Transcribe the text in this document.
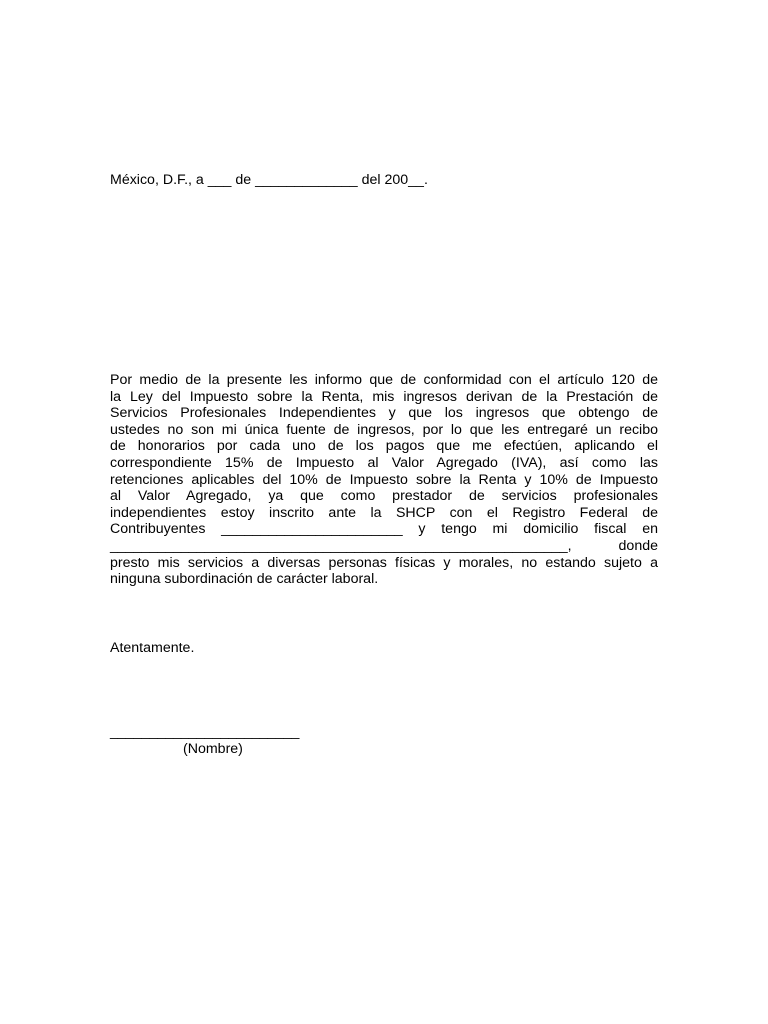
México, D.F., a ___ de _____________ del 200__.
Por medio de la presente les informo que de conformidad con el artículo 120 de
la Ley del Impuesto sobre la Renta, mis ingresos derivan de la Prestación de
Servicios Profesionales Independientes y que los ingresos que obtengo de
ustedes no son mi única fuente de ingresos, por lo que les entregaré un recibo
de honorarios por cada uno de los pagos que me efectúen, aplicando el
correspondiente 15% de Impuesto al Valor Agregado (IVA), así como las
retenciones aplicables del 10% de Impuesto sobre la Renta y 10% de Impuesto
al Valor Agregado, ya que como prestador de servicios profesionales
independientes estoy inscrito ante la SHCP con el Registro Federal de
Contribuyentes _______________________ y tengo mi domicilio fiscal en
__________________________________________________________, donde
presto mis servicios a diversas personas físicas y morales, no estando sujeto a
ninguna subordinación de carácter laboral.
Atentamente.
________________________
(Nombre)
